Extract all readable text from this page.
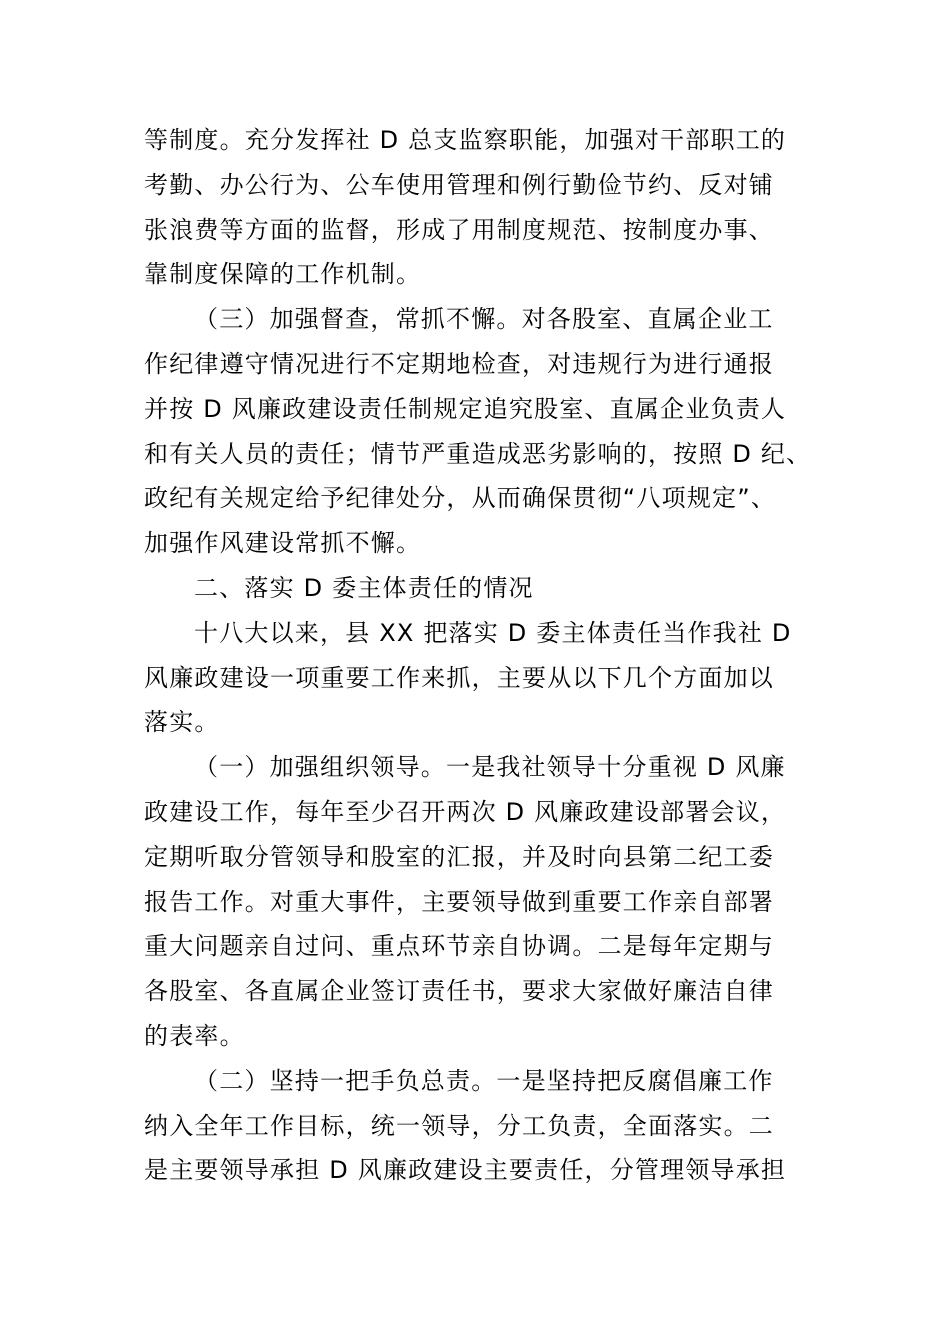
等制度。充分发挥社 D 总支监察职能，加强对干部职工的
考勤、办公行为、公车使用管理和例行勤俭节约、反对铺
张浪费等方面的监督，形成了用制度规范、按制度办事、
靠制度保障的工作机制。
（三）加强督查，常抓不懈。对各股室、直属企业工
作纪律遵守情况进行不定期地检查，对违规行为进行通报
并按 D 风廉政建设责任制规定追究股室、直属企业负责人
和有关人员的责任；情节严重造成恶劣影响的，按照 D 纪、
政纪有关规定给予纪律处分，从而确保贯彻“八项规定”、
加强作风建设常抓不懈。
二、落实 D 委主体责任的情况
十八大以来，县 XX 把落实 D 委主体责任当作我社 D
风廉政建设一项重要工作来抓，主要从以下几个方面加以
落实。
（一）加强组织领导。一是我社领导十分重视 D 风廉
政建设工作，每年至少召开两次 D 风廉政建设部署会议，
定期听取分管领导和股室的汇报，并及时向县第二纪工委
报告工作。对重大事件，主要领导做到重要工作亲自部署
重大问题亲自过问、重点环节亲自协调。二是每年定期与
各股室、各直属企业签订责任书，要求大家做好廉洁自律
的表率。
（二）坚持一把手负总责。一是坚持把反腐倡廉工作
纳入全年工作目标，统一领导，分工负责，全面落实。二
是主要领导承担 D 风廉政建设主要责任，分管理领导承担
